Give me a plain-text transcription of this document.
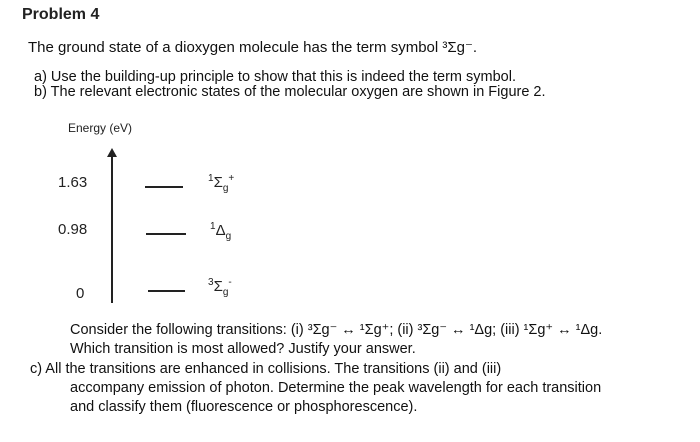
Problem 4
The ground state of a dioxygen molecule has the term symbol ³Σg⁻.
a) Use the building-up principle to show that this is indeed the term symbol.
b) The relevant electronic states of the molecular oxygen are shown in Figure 2.
Energy (eV)
1.63
0.98
0
$^1\Sigma_g^+$
$^1\Delta_g$
$^3\Sigma_g^-$
Consider the following transitions: (i) ³Σg⁻ ↔ ¹Σg⁺; (ii) ³Σg⁻ ↔ ¹Δg; (iii) ¹Σg⁺ ↔ ¹Δg.
Which transition is most allowed? Justify your answer.
c) All the transitions are enhanced in collisions. The transitions (ii) and (iii)
accompany emission of photon. Determine the peak wavelength for each transition
and classify them (fluorescence or phosphorescence).
